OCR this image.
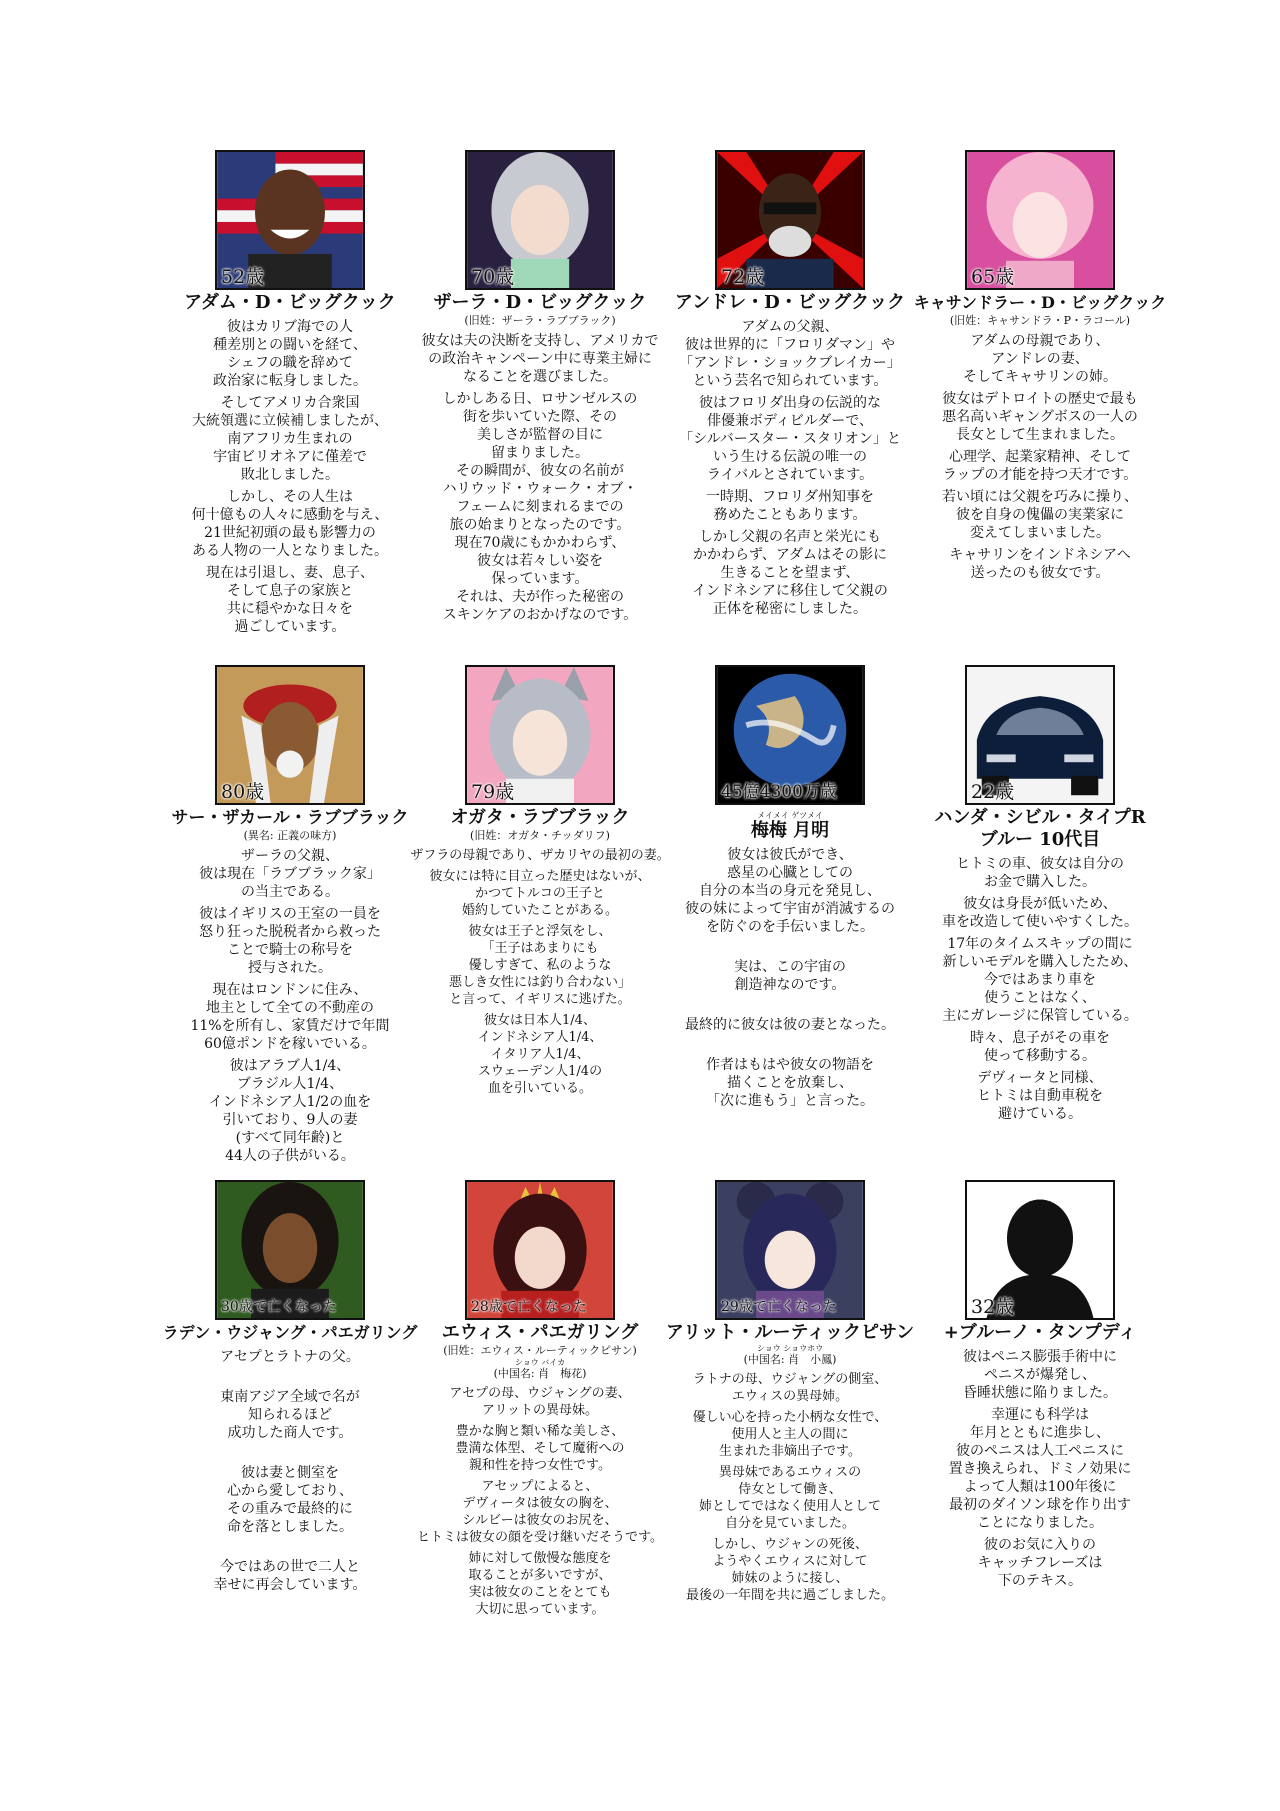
52歳
アダム・D・ビッグクック

彼はカリブ海での人
種差別との闘いを経て、
シェフの職を辞めて
政治家に転身しました。

そしてアメリカ合衆国
大統領選に立候補しましたが、
南アフリカ生まれの
宇宙ビリオネアに僅差で
敗北しました。

しかし、その人生は
何十億もの人々に感動を与え、
21世紀初頭の最も影響力の
ある人物の一人となりました。

現在は引退し、妻、息子、
そして息子の家族と
共に穏やかな日々を
過ごしています。

70歳
ザーラ・D・ビッグクック
(旧姓：ザーラ・ラブブラック)

彼女は夫の決断を支持し、アメリカで
の政治キャンペーン中に専業主婦に
なることを選びました。

しかしある日、ロサンゼルスの
街を歩いていた際、その
美しさが監督の目に
留まりました。
その瞬間が、彼女の名前が
ハリウッド・ウォーク・オブ・
フェームに刻まれるまでの
旅の始まりとなったのです。
現在70歳にもかかわらず、
彼女は若々しい姿を
保っています。
それは、夫が作った秘密の
スキンケアのおかげなのです。

72歳
アンドレ・D・ビッグクック

アダムの父親、
彼は世界的に「フロリダマン」や
「アンドレ・ショックブレイカー」
という芸名で知られています。

彼はフロリダ出身の伝説的な
俳優兼ボディビルダーで、
「シルバースター・スタリオン」と
いう生ける伝説の唯一の
ライバルとされています。

一時期、フロリダ州知事を
務めたこともあります。

しかし父親の名声と栄光にも
かかわらず、アダムはその影に
生きることを望まず、
インドネシアに移住して父親の
正体を秘密にしました。

65歳
キャサンドラー・D・ビッグクック
(旧姓：キャサンドラ・P・ラコール)

アダムの母親であり、
アンドレの妻、
そしてキャサリンの姉。

彼女はデトロイトの歴史で最も
悪名高いギャングボスの一人の
長女として生まれました。

心理学、起業家精神、そして
ラップの才能を持つ天才です。

若い頃には父親を巧みに操り、
彼を自身の傀儡の実業家に
変えてしまいました。

キャサリンをインドネシアへ
送ったのも彼女です。

80歳
サー・ザカール・ラブブラック
(異名: 正義の味方)

ザーラの父親、
彼は現在「ラブブラック家」
の当主である。

彼はイギリスの王室の一員を
怒り狂った脱税者から救った
ことで騎士の称号を
授与された。

現在はロンドンに住み、
地主として全ての不動産の
11%を所有し、家賃だけで年間
60億ポンドを稼いでいる。

彼はアラブ人1/4、
ブラジル人1/4、
インドネシア人1/2の血を
引いており、9人の妻
(すべて同年齢)と
44人の子供がいる。

79歳
オガタ・ラブブラック
(旧姓：オガタ・チッダリフ)

ザフラの母親であり、ザカリヤの最初の妻。

彼女には特に目立った歴史はないが、
かつてトルコの王子と
婚約していたことがある。

彼女は王子と浮気をし、
「王子はあまりにも
優しすぎて、私のような
悪しき女性には釣り合わない」
と言って、イギリスに逃げた。

彼女は日本人1/4、
インドネシア人1/4、
イタリア人1/4、
スウェーデン人1/4の
血を引いている。

45億4300万歳
メイメイ ゲツメイ
梅梅 月明

彼女は彼氏ができ、
惑星の心臓としての
自分の本当の身元を発見し、
彼の妹によって宇宙が消滅するの
を防ぐのを手伝いました。

実は、この宇宙の
創造神なのです。

最終的に彼女は彼の妻となった。

作者はもはや彼女の物語を
描くことを放棄し、
「次に進もう」と言った。

22歳
ハンダ・シビル・タイプR
ブルー 10代目

ヒトミの車、彼女は自分の
お金で購入した。

彼女は身長が低いため、
車を改造して使いやすくした。

17年のタイムスキップの間に
新しいモデルを購入したため、
今ではあまり車を
使うことはなく、
主にガレージに保管している。

時々、息子がその車を
使って移動する。

デヴィータと同様、
ヒトミは自動車税を
避けている。

30歳で亡くなった
ラデン・ウジャング・パエガリング

アセプとラトナの父。

東南アジア全域で名が
知られるほど
成功した商人です。

彼は妻と側室を
心から愛しており、
その重みで最終的に
命を落としました。

今ではあの世で二人と
幸せに再会しています。

28歳で亡くなった
エウィス・パエガリング
(旧姓：エウィス・ルーティックピサン)
ショウ バイカ
(中国名: 肖　梅花)

アセプの母、ウジャングの妻、
アリットの異母妹。

豊かな胸と類い稀な美しさ、
豊満な体型、そして魔術への
親和性を持つ女性です。

アセップによると、
デヴィータは彼女の胸を、
シルビーは彼女のお尻を、
ヒトミは彼女の顔を受け継いだそうです。

姉に対して傲慢な態度を
取ることが多いですが、
実は彼女のことをとても
大切に思っています。

29歳で亡くなった
アリット・ルーティックピサン
ショウ ショウホウ
(中国名: 肖　小鳳)

ラトナの母、ウジャングの側室、
エウィスの異母姉。

優しい心を持った小柄な女性で、
使用人と主人の間に
生まれた非嫡出子です。

異母妹であるエウィスの
侍女として働き、
姉としてではなく使用人として
自分を見ていました。

しかし、ウジャンの死後、
ようやくエウィスに対して
姉妹のように接し、
最後の一年間を共に過ごしました。

32歳
+ブルーノ・タンプディ

彼はペニス膨張手術中に
ペニスが爆発し、
昏睡状態に陥りました。

幸運にも科学は
年月とともに進歩し、
彼のペニスは人工ペニスに
置き換えられ、ドミノ効果に
よって人類は100年後に
最初のダイソン球を作り出す
ことになりました。

彼のお気に入りの
キャッチフレーズは
下のテキス。
